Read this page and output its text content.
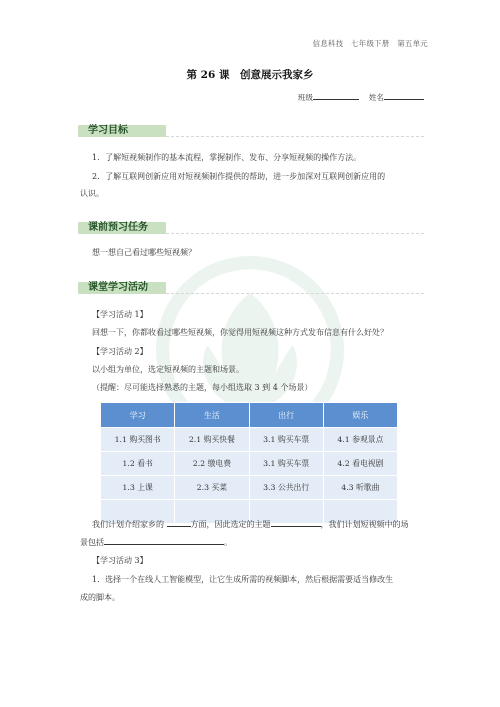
信息科技　七年级下册　第五单元
第 26 课　创意展示我家乡
班级	姓名
学习目标
1．了解短视频制作的基本流程，掌握制作、发布、分享短视频的操作方法。
2．了解互联网创新应用对短视频制作提供的帮助，进一步加深对互联网创新应用的
认识。
课前预习任务
想一想自己看过哪些短视频？
课堂学习活动
【学习活动 1】
回想一下，你都收看过哪些短视频，你觉得用短视频这种方式发布信息有什么好处？
【学习活动 2】
以小组为单位，选定短视频的主题和场景。
（提醒：尽可能选择熟悉的主题，每小组选取 3 到 4 个场景）
学习	生活	出行	娱乐
1.1 购买图书	2.1 购买快餐	3.1 购买车票	4.1 参观景点
1.2 看书	2.2 缴电费	3.1 购买车票	4.2 看电视剧
1.3 上课	2.3 买菜	3.3 公共出行	4.3 听歌曲

我们计划介绍家乡的	方面，因此选定的主题	，我们计划短视频中的场
景包括	。
【学习活动 3】
1．选择一个在线人工智能模型，让它生成所需的视频脚本，然后根据需要适当修改生
成的脚本。
